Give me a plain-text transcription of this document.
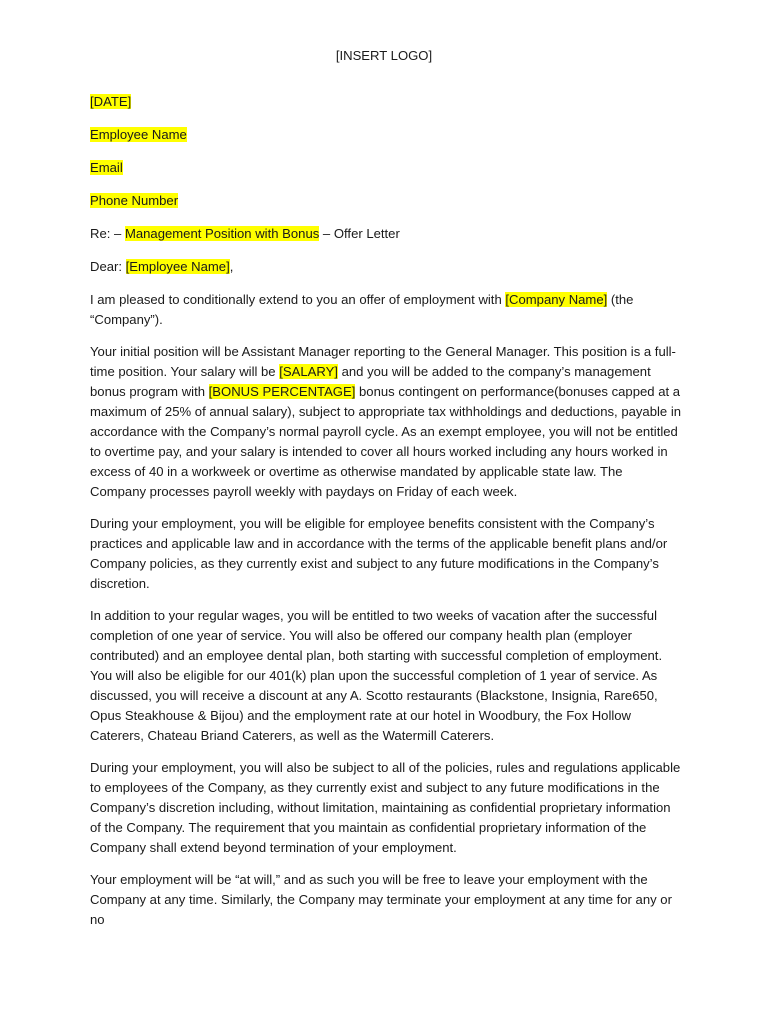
[INSERT LOGO]
[DATE]
Employee Name
Email
Phone Number
Re: – Management Position with Bonus – Offer Letter
Dear: [Employee Name],

I am pleased to conditionally extend to you an offer of employment with [Company Name] (the “Company”).

Your initial position will be Assistant Manager reporting to the General Manager. This position is a full-time position. Your salary will be [SALARY] and you will be added to the company’s management bonus program with [BONUS PERCENTAGE] bonus contingent on performance(bonuses capped at a maximum of 25% of annual salary), subject to appropriate tax withholdings and deductions, payable in accordance with the Company’s normal payroll cycle. As an exempt employee, you will not be entitled to overtime pay, and your salary is intended to cover all hours worked including any hours worked in excess of 40 in a workweek or overtime as otherwise mandated by applicable state law. The Company processes payroll weekly with paydays on Friday of each week.

During your employment, you will be eligible for employee benefits consistent with the Company’s practices and applicable law and in accordance with the terms of the applicable benefit plans and/or Company policies, as they currently exist and subject to any future modifications in the Company’s discretion.

In addition to your regular wages, you will be entitled to two weeks of vacation after the successful completion of one year of service. You will also be offered our company health plan (employer contributed) and an employee dental plan, both starting with successful completion of employment. You will also be eligible for our 401(k) plan upon the successful completion of 1 year of service. As discussed, you will receive a discount at any A. Scotto restaurants (Blackstone, Insignia, Rare650, Opus Steakhouse & Bijou) and the employment rate at our hotel in Woodbury, the Fox Hollow Caterers, Chateau Briand Caterers, as well as the Watermill Caterers.

During your employment, you will also be subject to all of the policies, rules and regulations applicable to employees of the Company, as they currently exist and subject to any future modifications in the Company’s discretion including, without limitation, maintaining as confidential proprietary information of the Company. The requirement that you maintain as confidential proprietary information of the Company shall extend beyond termination of your employment.

Your employment will be “at will,” and as such you will be free to leave your employment with the Company at any time. Similarly, the Company may terminate your employment at any time for any or no
